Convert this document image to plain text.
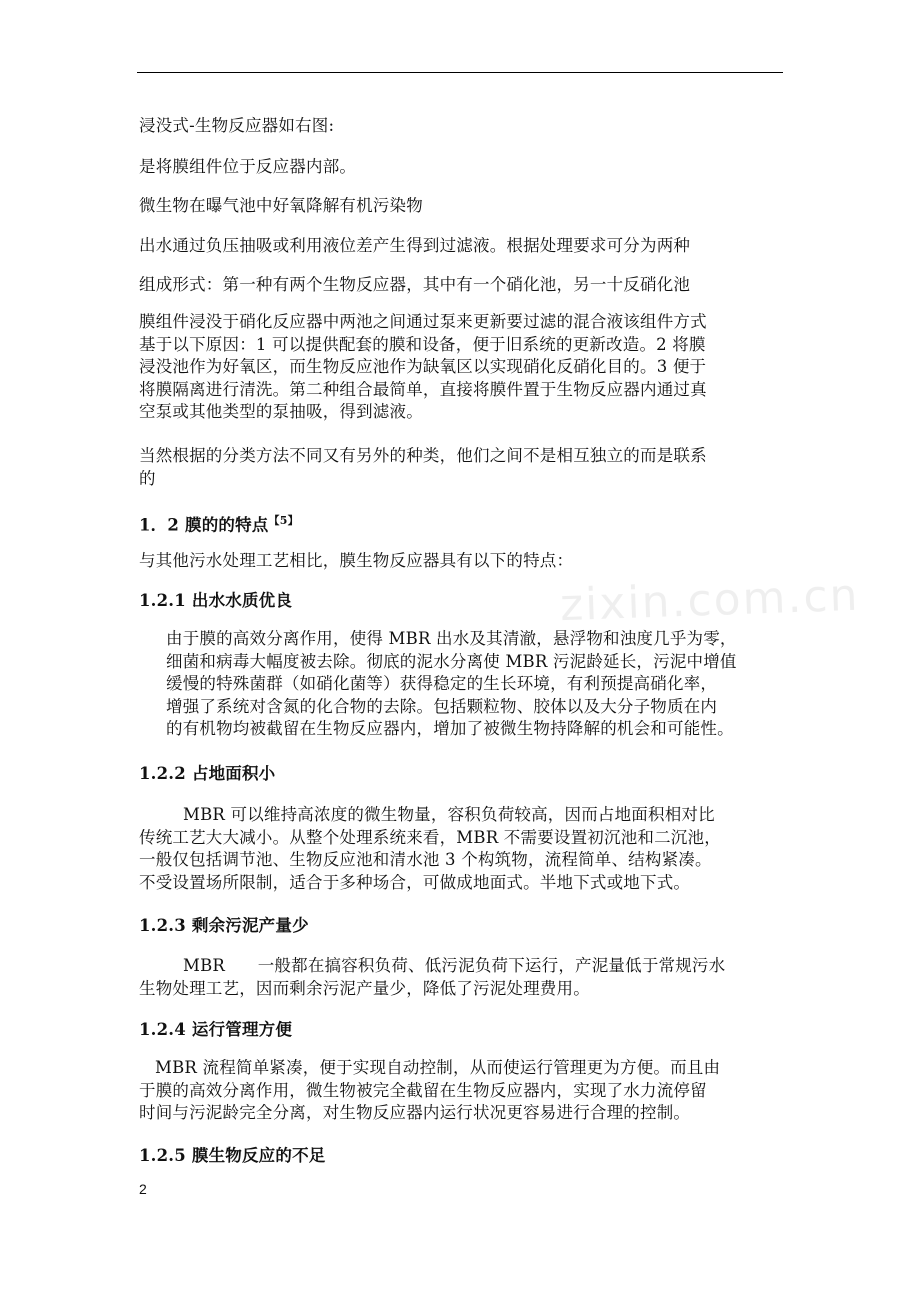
浸没式-生物反应器如右图:
是将膜组件位于反应器内部。
微生物在曝气池中好氧降解有机污染物
出水通过负压抽吸或利用液位差产生得到过滤液。根据处理要求可分为两种
组成形式：第一种有两个生物反应器，其中有一个硝化池，另一十反硝化池
膜组件浸没于硝化反应器中两池之间通过泵来更新要过滤的混合液该组件方式
基于以下原因：1 可以提供配套的膜和设备，便于旧系统的更新改造。2 将膜
浸没池作为好氧区，而生物反应池作为缺氧区以实现硝化反硝化目的。3 便于
将膜隔离进行清洗。第二种组合最简单，直接将膜件置于生物反应器内通过真
空泵或其他类型的泵抽吸，得到滤液。
当然根据的分类方法不同又有另外的种类，他们之间不是相互独立的而是联系
的
1．2 膜的的特点$^{【5】}$
与其他污水处理工艺相比，膜生物反应器具有以下的特点：
1.2.1 出水水质优良
由于膜的高效分离作用，使得 MBR 出水及其清澈，悬浮物和浊度几乎为零，
细菌和病毒大幅度被去除。彻底的泥水分离使 MBR 污泥龄延长，污泥中增值
缓慢的特殊菌群（如硝化菌等）获得稳定的生长环境，有利预提高硝化率，
增强了系统对含氮的化合物的去除。包括颗粒物、胶体以及大分子物质在内
的有机物均被截留在生物反应器内，增加了被微生物持降解的机会和可能性。
1.2.2 占地面积小
MBR 可以维持高浓度的微生物量，容积负荷较高，因而占地面积相对比
传统工艺大大减小。从整个处理系统来看，MBR 不需要设置初沉池和二沉池，
一般仅包括调节池、生物反应池和清水池 3 个构筑物，流程简单、结构紧凑。
不受设置场所限制，适合于多种场合，可做成地面式。半地下式或地下式。
1.2.3 剩余污泥产量少
MBR      一般都在搞容积负荷、低污泥负荷下运行，产泥量低于常规污水
生物处理工艺，因而剩余污泥产量少，降低了污泥处理费用。
1.2.4 运行管理方便
MBR 流程简单紧凑，便于实现自动控制，从而使运行管理更为方便。而且由
于膜的高效分离作用，微生物被完全截留在生物反应器内，实现了水力流停留
时间与污泥龄完全分离，对生物反应器内运行状况更容易进行合理的控制。
1.2.5 膜生物反应的不足
zixin.com.cn
2
